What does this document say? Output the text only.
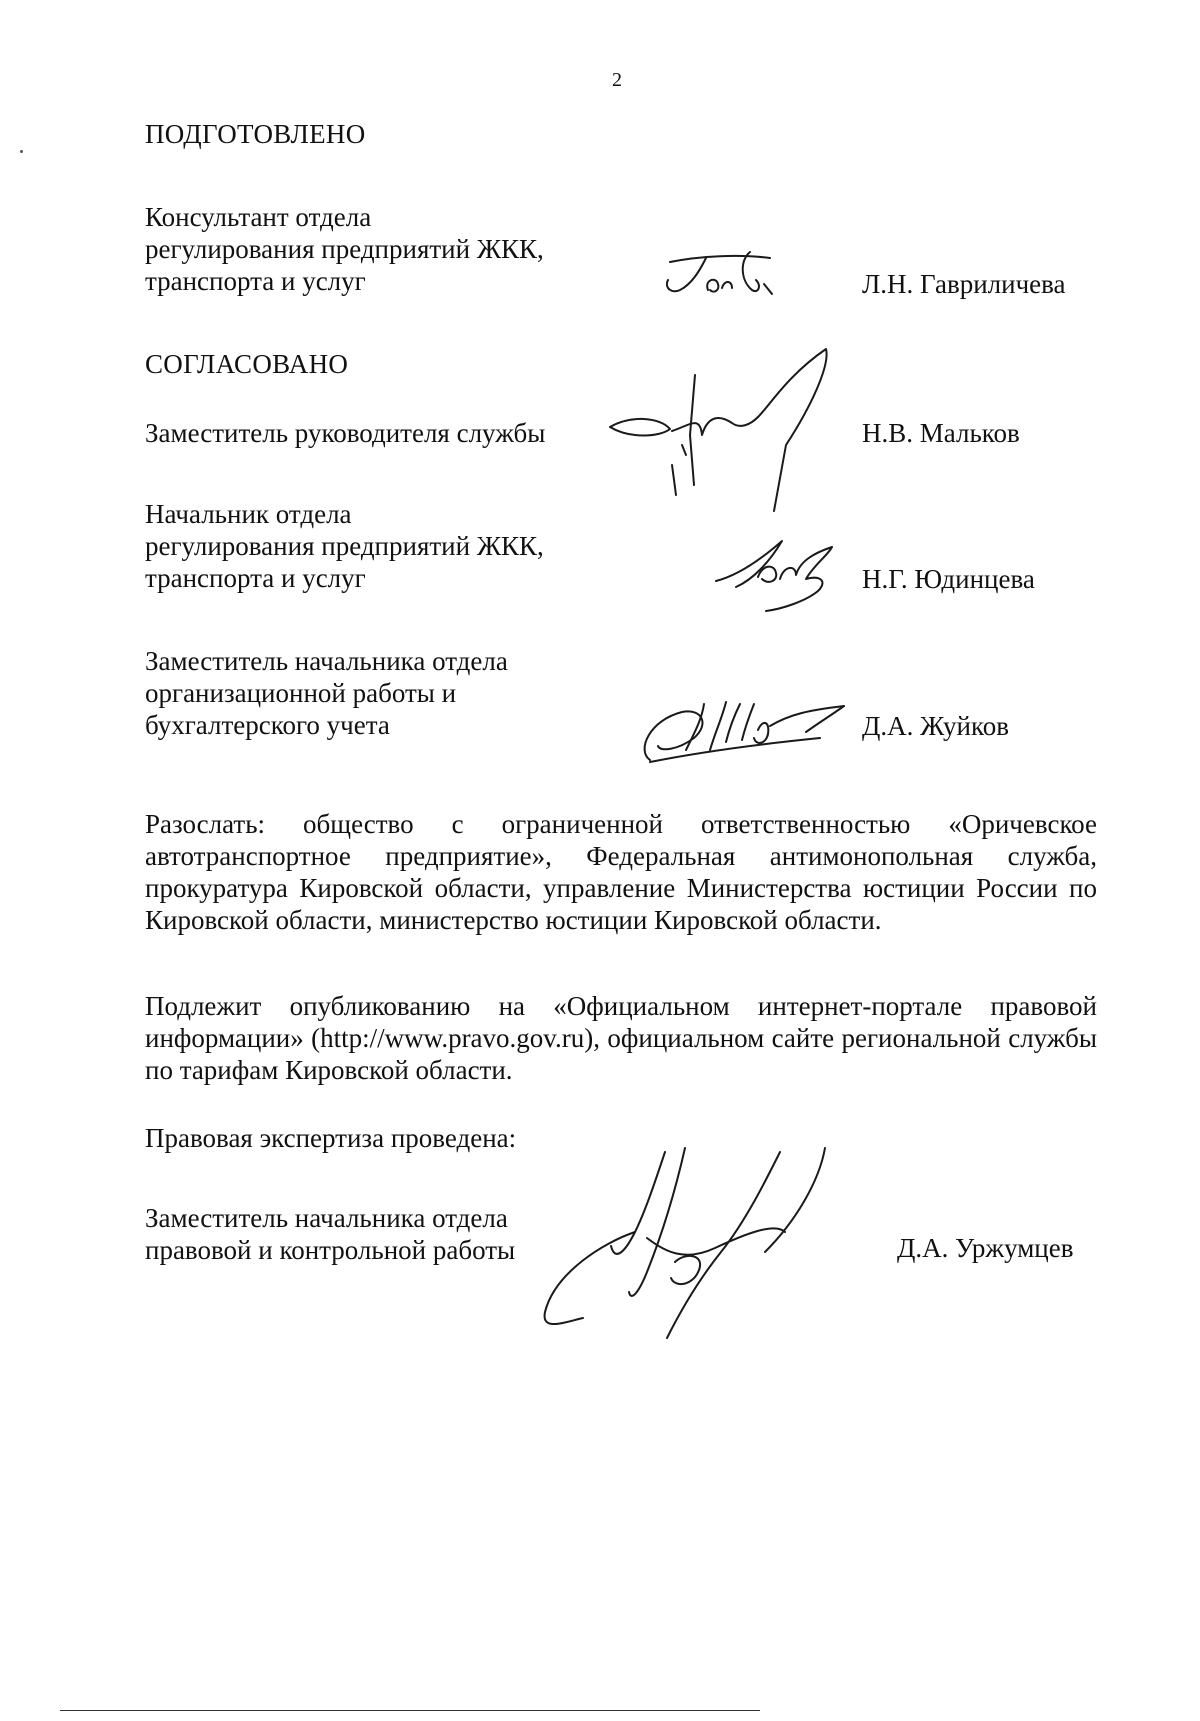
2
ПОДГОТОВЛЕНО
Консультант отдела
регулирования предприятий ЖКК,
транспорта и услуг	Л.Н. Гавриличева
СОГЛАСОВАНО
Заместитель руководителя службы	Н.В. Мальков
Начальник отдела
регулирования предприятий ЖКК,
транспорта и услуг	Н.Г. Юдинцева
Заместитель начальника отдела
организационной работы и
бухгалтерского учета	Д.А. Жуйков
Разослать: общество с ограниченной ответственностью «Оричевское автотранспортное предприятие», Федеральная антимонопольная служба, прокуратура Кировской области, управление Министерства юстиции России по Кировской области, министерство юстиции Кировской области.
Подлежит опубликованию на «Официальном интернет-портале правовой информации» (http://www.pravo.gov.ru), официальном сайте региональной службы по тарифам Кировской области.
Правовая экспертиза проведена:
Заместитель начальника отдела
правовой и контрольной работы	Д.А. Уржумцев
